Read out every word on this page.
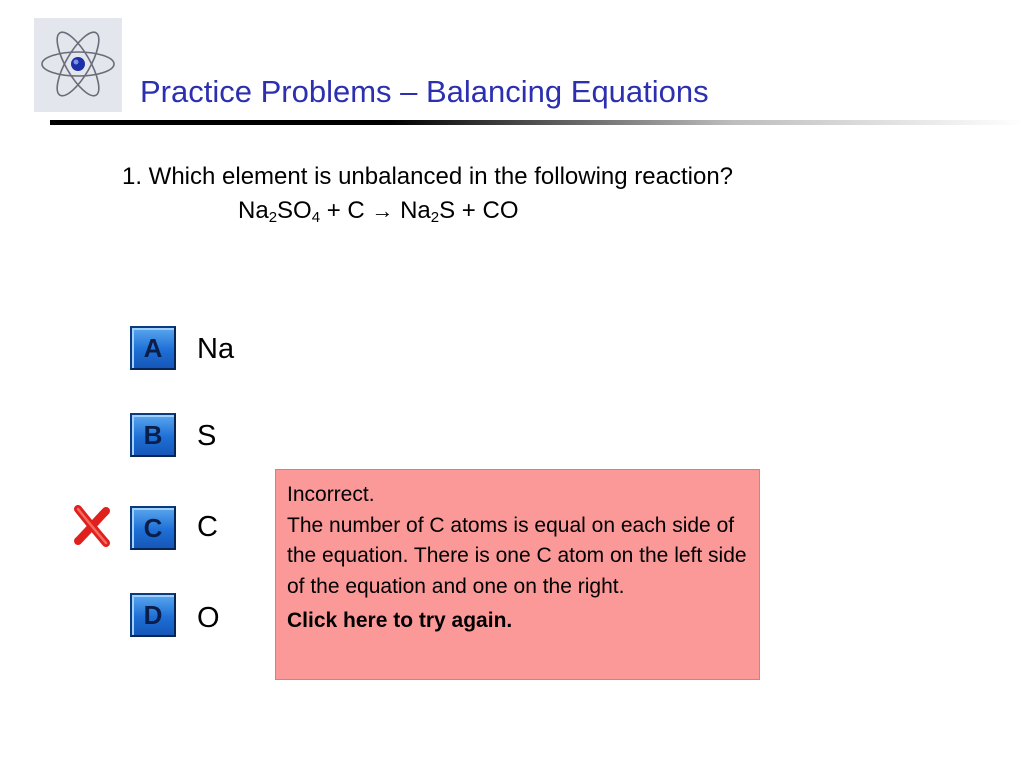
Practice Problems – Balancing Equations
1. Which element is unbalanced in the following reaction?
$Na_2SO_4 + C \to Na_2S$ + CO
A	Na
B	S
C	C
D	O

Incorrect.

The number of C atoms is equal on each side of the equation. There is one C atom on the left side of the equation and one on the right.

Click here to try again.
